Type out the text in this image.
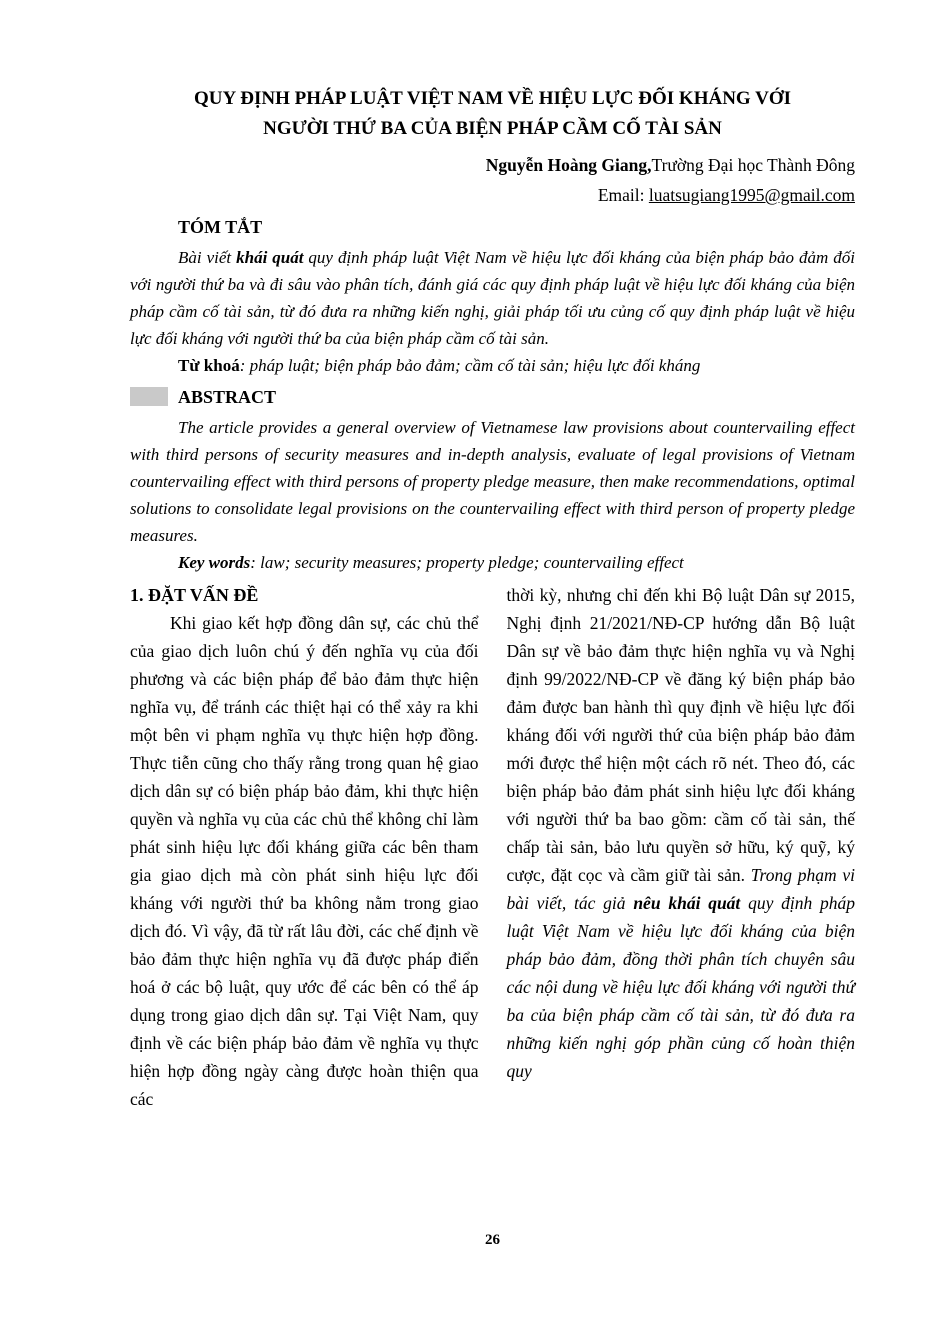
QUY ĐỊNH PHÁP LUẬT VIỆT NAM VỀ HIỆU LỰC ĐỐI KHÁNG VỚI
NGƯỜI THỨ BA CỦA BIỆN PHÁP CẦM CỐ TÀI SẢN
Nguyễn Hoàng Giang,Trường Đại học Thành Đông
Email: luatsugiang1995@gmail.com
TÓM TẮT

Bài viết khái quát quy định pháp luật Việt Nam về hiệu lực đối kháng của biện pháp bảo đảm đối với người thứ ba và đi sâu vào phân tích, đánh giá các quy định pháp luật về hiệu lực đối kháng của biện pháp cầm cố tài sản, từ đó đưa ra những kiến nghị, giải pháp tối ưu củng cố quy định pháp luật về hiệu lực đối kháng với người thứ ba của biện pháp cầm cố tài sản.

Từ khoá: pháp luật; biện pháp bảo đảm; cầm cố tài sản; hiệu lực đối kháng

ABSTRACT

The article provides a general overview of Vietnamese law provisions about countervailing effect with third persons of security measures and in-depth analysis, evaluate of legal provisions of Vietnam countervailing effect with third persons of property pledge measure, then make recommendations, optimal solutions to consolidate legal provisions on the countervailing effect with third person of property pledge measures.

Key words: law; security measures; property pledge; countervailing effect

1. ĐẶT VẤN ĐỀ

Khi giao kết hợp đồng dân sự, các chủ thể của giao dịch luôn chú ý đến nghĩa vụ của đối phương và các biện pháp để bảo đảm thực hiện nghĩa vụ, để tránh các thiệt hại có thể xảy ra khi một bên vi phạm nghĩa vụ thực hiện hợp đồng. Thực tiễn cũng cho thấy rằng trong quan hệ giao dịch dân sự có biện pháp bảo đảm, khi thực hiện quyền và nghĩa vụ của các chủ thể không chỉ làm phát sinh hiệu lực đối kháng giữa các bên tham gia giao dịch mà còn phát sinh hiệu lực đối kháng với người thứ ba không nằm trong giao dịch đó. Vì vậy, đã từ rất lâu đời, các chế định về bảo đảm thực hiện nghĩa vụ đã được pháp điển hoá ở các bộ luật, quy ước để các bên có thể áp dụng trong giao dịch dân sự. Tại Việt Nam, quy định về các biện pháp bảo đảm về nghĩa vụ thực hiện hợp đồng ngày càng được hoàn thiện qua các

thời kỳ, nhưng chỉ đến khi Bộ luật Dân sự 2015, Nghị định 21/2021/NĐ-CP hướng dẫn Bộ luật Dân sự về bảo đảm thực hiện nghĩa vụ và Nghị định 99/2022/NĐ-CP về đăng ký biện pháp bảo đảm được ban hành thì quy định về hiệu lực đối kháng đối với người thứ của biện pháp bảo đảm mới được thể hiện một cách rõ nét. Theo đó, các biện pháp bảo đảm phát sinh hiệu lực đối kháng với người thứ ba bao gồm: cầm cố tài sản, thế chấp tài sản, bảo lưu quyền sở hữu, ký quỹ, ký cược, đặt cọc và cầm giữ tài sản. Trong phạm vi bài viết, tác giả nêu khái quát quy định pháp luật Việt Nam về hiệu lực đối kháng của biện pháp bảo đảm, đồng thời phân tích chuyên sâu các nội dung về hiệu lực đối kháng với người thứ ba của biện pháp cầm cố tài sản, từ đó đưa ra những kiến nghị góp phần củng cố hoàn thiện quy

26
